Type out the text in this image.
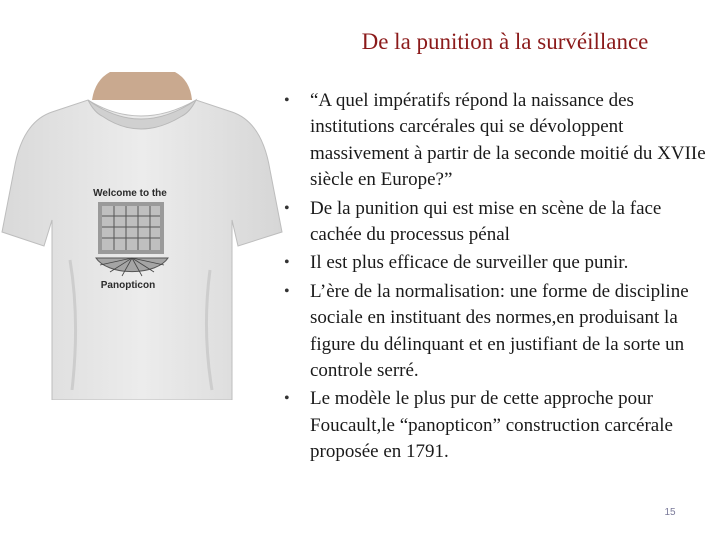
De la punition à la survéillance
Welcome to the
Panopticon
• “A quel impératifs répond la naissance des institutions carcérales qui se dévoloppent massivement à partir de la seconde moitié du XVIIe siècle en Europe?”
• De la punition qui est mise en scène de la face cachée du processus pénal
• Il est plus efficace de surveiller que punir.
• L’ère de la normalisation: une forme de discipline sociale en instituant des normes,en produisant la figure du délinquant et en justifiant de la sorte un controle serré.
• Le modèle le plus pur de cette approche pour Foucault,le “panopticon” construction carcérale proposée en 1791.
15
